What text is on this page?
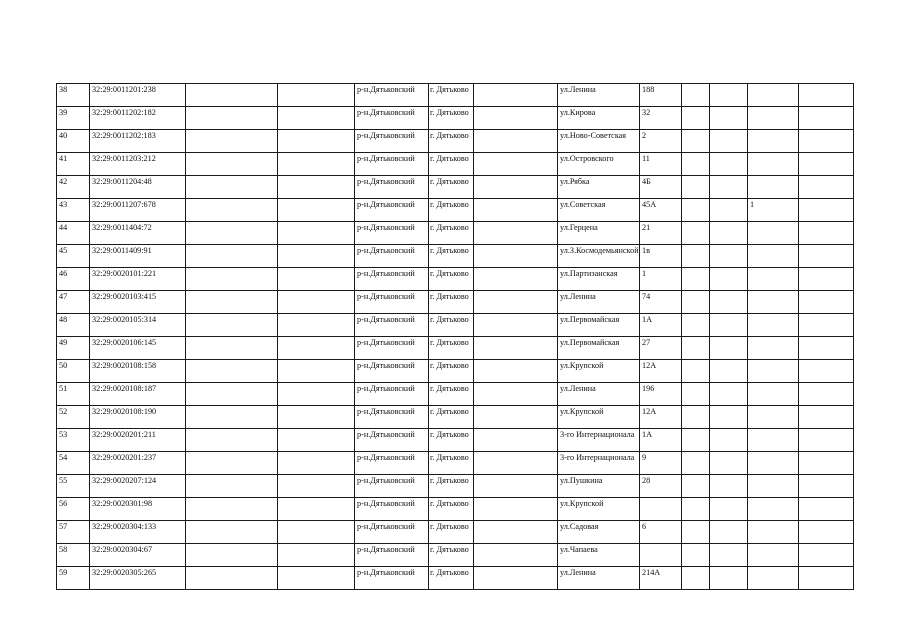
38	32:29:0011201:238			р-н.Дятьковский	г. Дятьково		ул.Ленина	188				
39	32:29:0011202:182			р-н.Дятьковский	г. Дятьково		ул.Кирова	32				
40	32:29:0011202:183			р-н.Дятьковский	г. Дятьково		ул.Ново-Советская	2				
41	32:29:0011203:212			р-н.Дятьковский	г. Дятьково		ул.Островского	11				
42	32:29:0011204:48			р-н.Дятьковский	г. Дятьково		ул.Рябка	4Б				
43	32:29:0011207:678			р-н.Дятьковский	г. Дятьково		ул.Советская	45А			1	
44	32:29:0011404:72			р-н.Дятьковский	г. Дятьково		ул.Герцена	21				
45	32:29:0011409:91			р-н.Дятьковский	г. Дятьково		ул.З.Космодемьянской	1в				
46	32:29:0020101:221			р-н.Дятьковский	г. Дятьково		ул.Партизанская	1				
47	32:29:0020103:415			р-н.Дятьковский	г. Дятьково		ул.Ленина	74				
48	32:29:0020105:314			р-н.Дятьковский	г. Дятьково		ул.Первомайская	1А				
49	32:29:0020106:145			р-н.Дятьковский	г. Дятьково		ул.Первомайская	27				
50	32:29:0020108:158			р-н.Дятьковский	г. Дятьково		ул.Крупской	12А				
51	32:29:0020108:187			р-н.Дятьковский	г. Дятьково		ул.Ленина	196				
52	32:29:0020108:190			р-н.Дятьковский	г. Дятьково		ул.Крупской	12А				
53	32:29:0020201:211			р-н.Дятьковский	г. Дятьково		3-го Интернационала	1А				
54	32:29:0020201:237			р-н.Дятьковский	г. Дятьково		3-го Интернационала	9				
55	32:29:0020207:124			р-н.Дятьковский	г. Дятьково		ул.Пушкина	28				
56	32:29:0020301:98			р-н.Дятьковский	г. Дятьково		ул.Крупской					
57	32:29:0020304:133			р-н.Дятьковский	г. Дятьково		ул.Садовая	6				
58	32:29:0020304:67			р-н.Дятьковский	г. Дятьково		ул.Чапаева					
59	32:29:0020305:265			р-н.Дятьковский	г. Дятьково		ул.Ленина	214А				
